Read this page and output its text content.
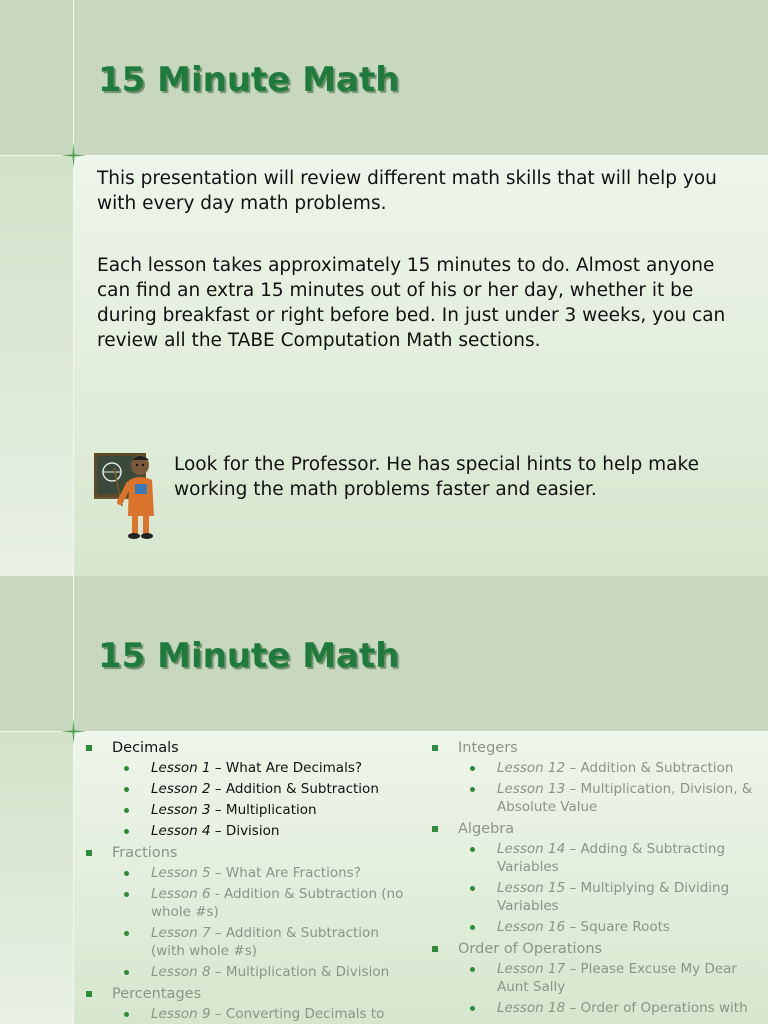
15 Minute Math

This presentation will review different math skills that will help you with every day math problems.

Each lesson takes approximately 15 minutes to do. Almost anyone can find an extra 15 minutes out of his or her day, whether it be during breakfast or right before bed. In just under 3 weeks, you can review all the TABE Computation Math sections.

Look for the Professor. He has special hints to help make working the math problems faster and easier.

15 Minute Math
Decimals
Lesson 1 – What Are Decimals?
Lesson 2 – Addition & Subtraction
Lesson 3 – Multiplication
Lesson 4 – Division
Fractions
Lesson 5 – What Are Fractions?
Lesson 6 - Addition & Subtraction (no whole #s)
Lesson 7 – Addition & Subtraction (with whole #s)
Lesson 8 – Multiplication & Division
Percentages
Lesson 9 – Converting Decimals to
Integers
Lesson 12 – Addition & Subtraction
Lesson 13 – Multiplication, Division, & Absolute Value
Algebra
Lesson 14 – Adding & Subtracting Variables
Lesson 15 – Multiplying & Dividing Variables
Lesson 16 – Square Roots
Order of Operations
Lesson 17 – Please Excuse My Dear Aunt Sally
Lesson 18 – Order of Operations with
